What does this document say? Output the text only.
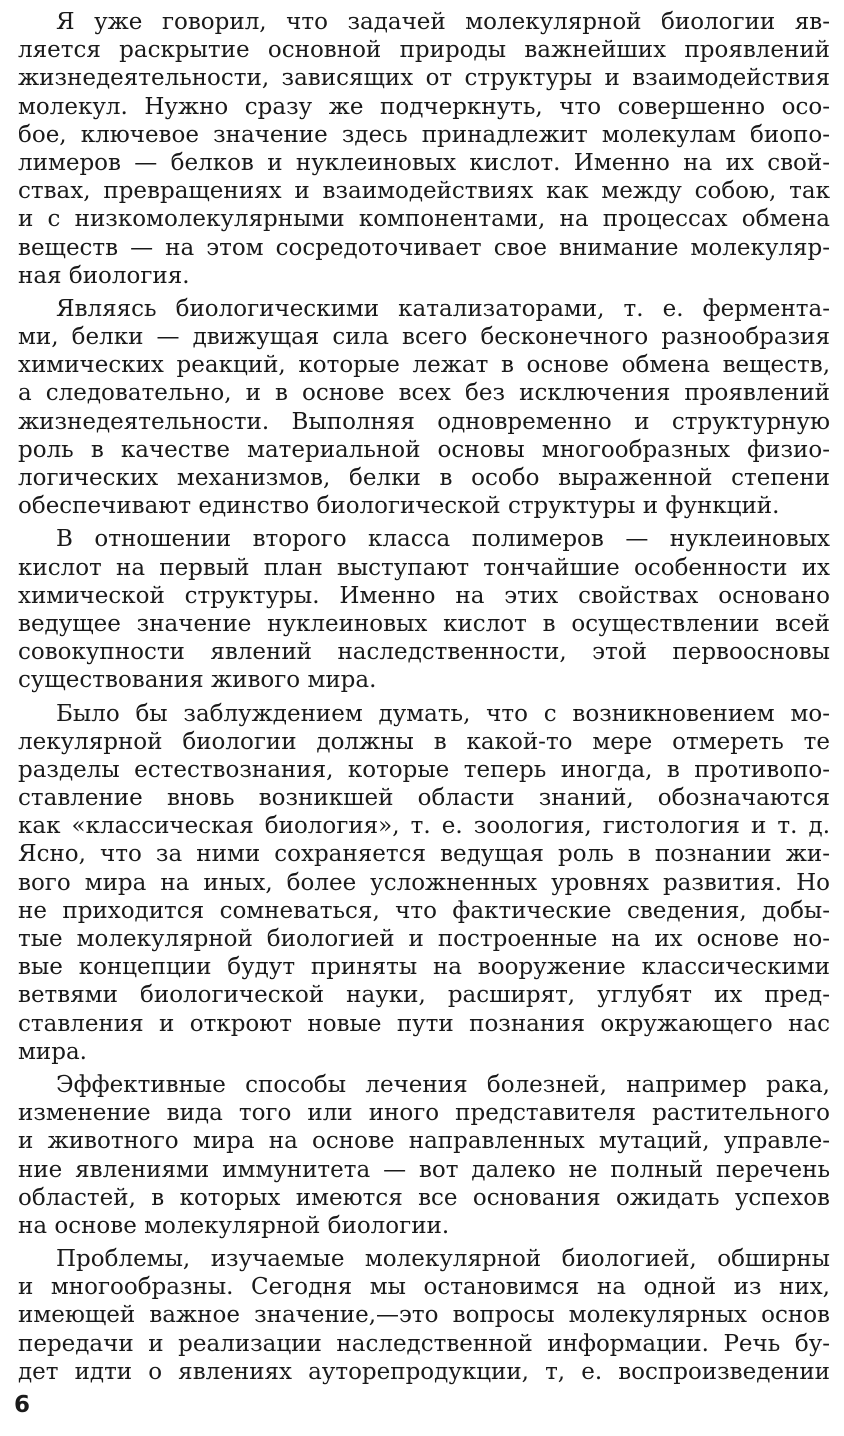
Я уже говорил, что задачей молекулярной биологии яв-
ляется раскрытие основной природы важнейших проявлений
жизнедеятельности, зависящих от структуры и взаимодействия
молекул. Нужно сразу же подчеркнуть, что совершенно осо-
бое, ключевое значение здесь принадлежит молекулам биопо-
лимеров — белков и нуклеиновых кислот. Именно на их свой-
ствах, превращениях и взаимодействиях как между собою, так
и с низкомолекулярными компонентами, на процессах обмена
веществ — на этом сосредоточивает свое внимание молекуляр-
ная биология.
Являясь биологическими катализаторами, т. е. фермента-
ми, белки — движущая сила всего бесконечного разнообразия
химических реакций, которые лежат в основе обмена веществ,
а следовательно, и в основе всех без исключения проявлений
жизнедеятельности. Выполняя одновременно и структурную
роль в качестве материальной основы многообразных физио-
логических механизмов, белки в особо выраженной степени
обеспечивают единство биологической структуры и функций.
В отношении второго класса полимеров — нуклеиновых
кислот на первый план выступают тончайшие особенности их
химической структуры. Именно на этих свойствах основано
ведущее значение нуклеиновых кислот в осуществлении всей
совокупности явлений наследственности, этой первоосновы
существования живого мира.
Было бы заблуждением думать, что с возникновением мо-
лекулярной биологии должны в какой-то мере отмереть те
разделы естествознания, которые теперь иногда, в противопо-
ставление вновь возникшей области знаний, обозначаются
как «классическая биология», т. е. зоология, гистология и т. д.
Ясно, что за ними сохраняется ведущая роль в познании жи-
вого мира на иных, более усложненных уровнях развития. Но
не приходится сомневаться, что фактические сведения, добы-
тые молекулярной биологией и построенные на их основе но-
вые концепции будут приняты на вооружение классическими
ветвями биологической науки, расширят, углубят их пред-
ставления и откроют новые пути познания окружающего нас
мира.
Эффективные способы лечения болезней, например рака,
изменение вида того или иного представителя растительного
и животного мира на основе направленных мутаций, управле-
ние явлениями иммунитета — вот далеко не полный перечень
областей, в которых имеются все основания ожидать успехов
на основе молекулярной биологии.
Проблемы, изучаемые молекулярной биологией, обширны
и многообразны. Сегодня мы остановимся на одной из них,
имеющей важное значение,—это вопросы молекулярных основ
передачи и реализации наследственной информации. Речь бу-
дет идти о явлениях ауторепродукции, т, е. воспроизведении
6
